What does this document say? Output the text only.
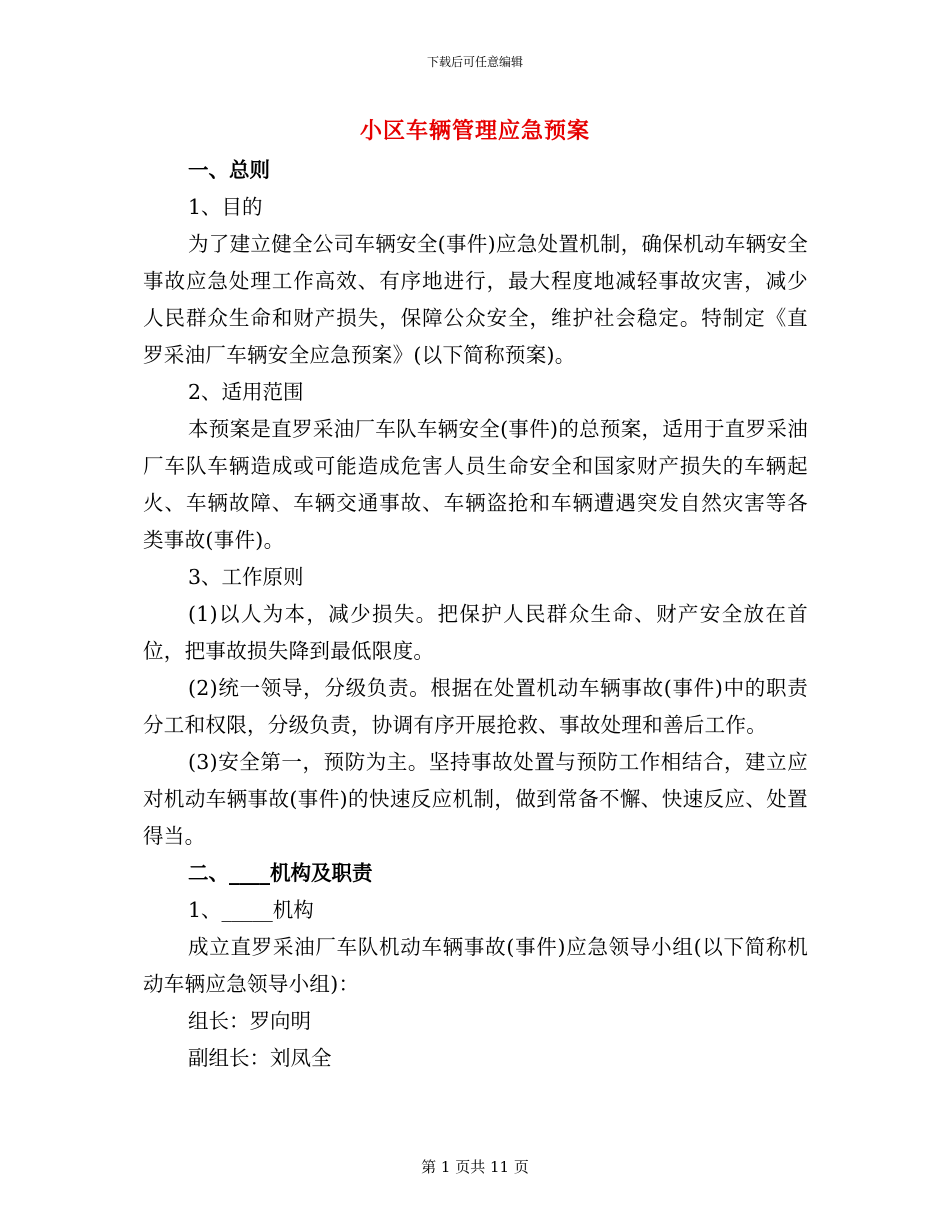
下载后可任意编辑
小区车辆管理应急预案

一、总则

1、目的

为了建立健全公司车辆安全(事件)应急处置机制，确保机动车辆安全事故应急处理工作高效、有序地进行，最大程度地减轻事故灾害，减少人民群众生命和财产损失，保障公众安全，维护社会稳定。特制定《直罗采油厂车辆安全应急预案》(以下简称预案)。

2、适用范围

本预案是直罗采油厂车队车辆安全(事件)的总预案，适用于直罗采油厂车队车辆造成或可能造成危害人员生命安全和国家财产损失的车辆起火、车辆故障、车辆交通事故、车辆盗抢和车辆遭遇突发自然灾害等各类事故(事件)。

3、工作原则

(1)以人为本，减少损失。把保护人民群众生命、财产安全放在首位，把事故损失降到最低限度。

(2)统一领导，分级负责。根据在处置机动车辆事故(事件)中的职责分工和权限，分级负责，协调有序开展抢救、事故处理和善后工作。

(3)安全第一，预防为主。坚持事故处置与预防工作相结合，建立应对机动车辆事故(事件)的快速反应机制，做到常备不懈、快速反应、处置得当。

二、____机构及职责

1、_____机构

成立直罗采油厂车队机动车辆事故(事件)应急领导小组(以下简称机动车辆应急领导小组)：

组长：罗向明

副组长：刘凤全

第 1 页共 11 页
